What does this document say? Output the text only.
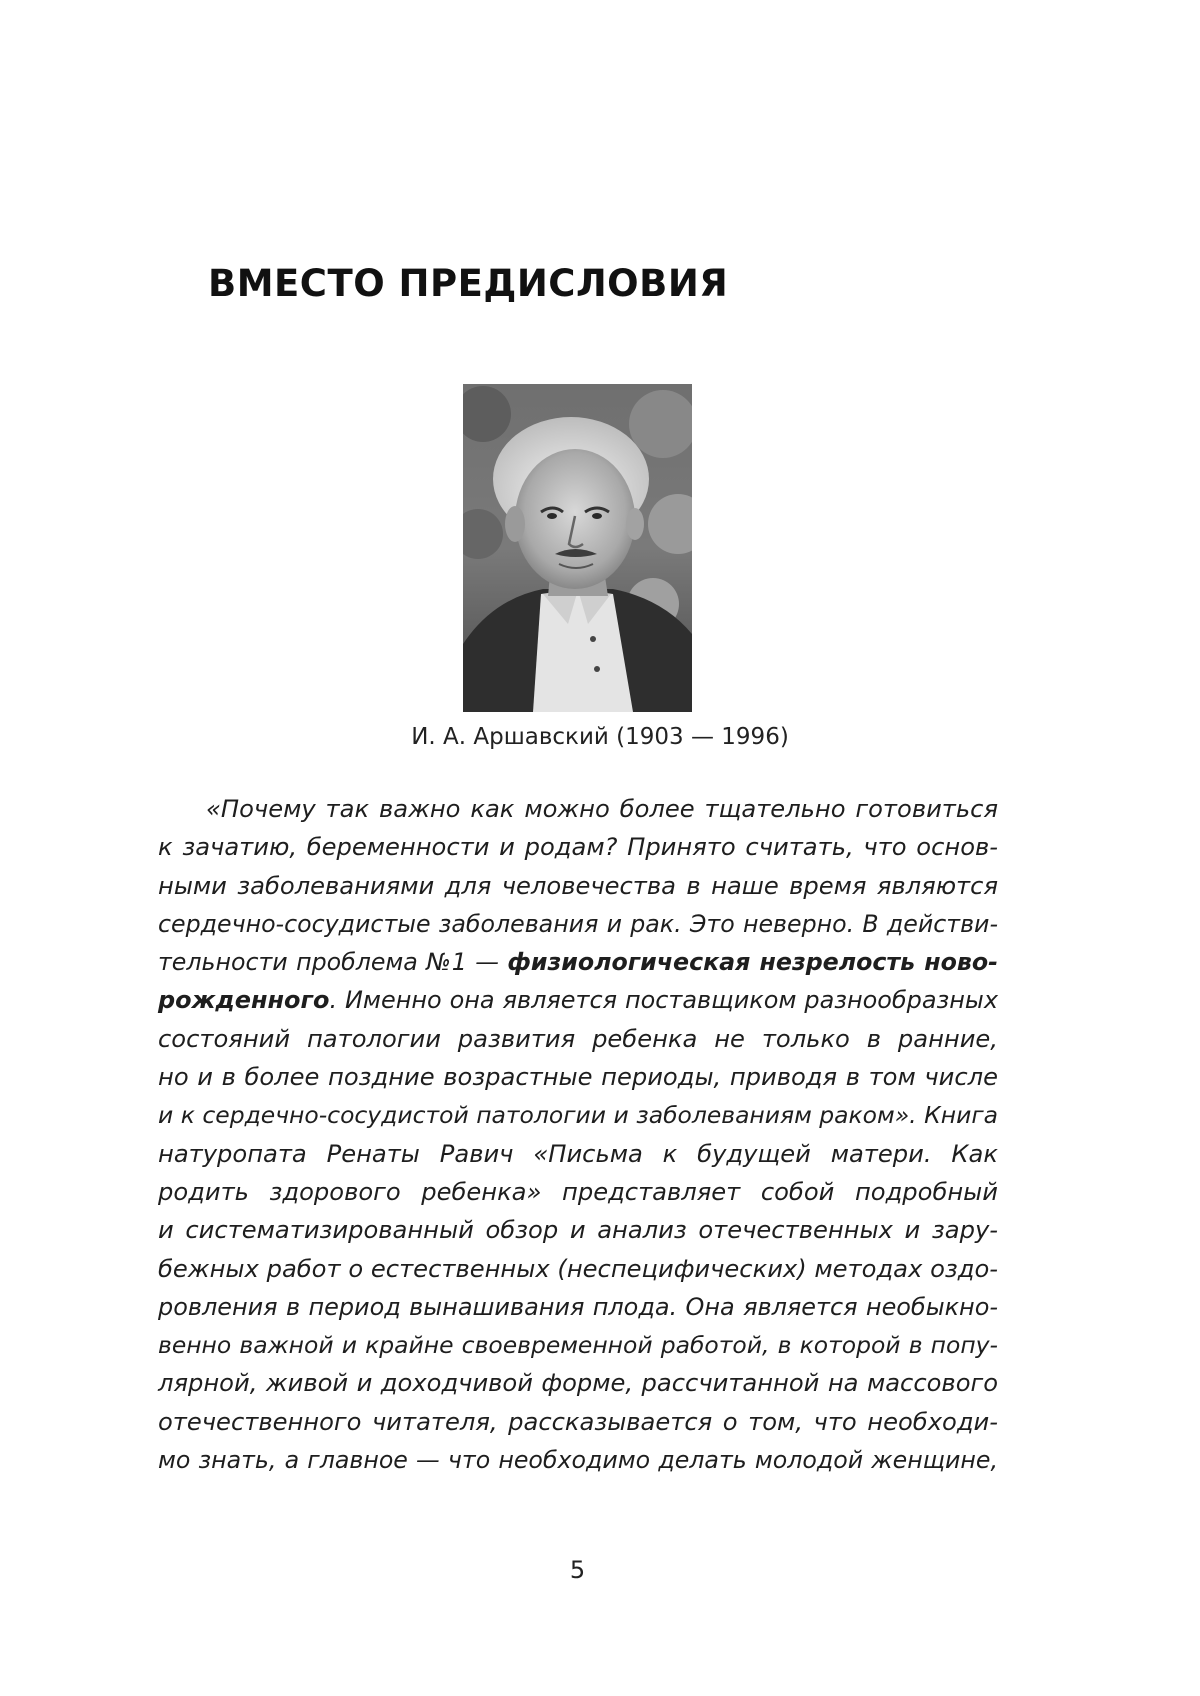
ВМЕСТО ПРЕДИСЛОВИЯ
И. А. Аршавский (1903 — 1996)
«Почему так важно как можно более тщательно готовиться
к зачатию, беременности и родам? Принято считать, что основ-
ными заболеваниями для человечества в наше время являются
сердечно-сосудистые заболевания и рак. Это неверно. В действи-
тельности проблема №1 — физиологическая незрелость ново-
рожденного. Именно она является поставщиком разнообразных
состояний патологии развития ребенка не только в ранние,
но и в более поздние возрастные периоды, приводя в том числе
и к сердечно-сосудистой патологии и заболеваниям раком». Книга
натуропата Ренаты Равич «Письма к будущей матери. Как
родить здорового ребенка» представляет собой подробный
и систематизированный обзор и анализ отечественных и зару-
бежных работ о естественных (неспецифических) методах оздо-
ровления в период вынашивания плода. Она является необыкно-
венно важной и крайне своевременной работой, в которой в попу-
лярной, живой и доходчивой форме, рассчитанной на массового
отечественного читателя, рассказывается о том, что необходи-
мо знать, а главное — что необходимо делать молодой женщине,
5
